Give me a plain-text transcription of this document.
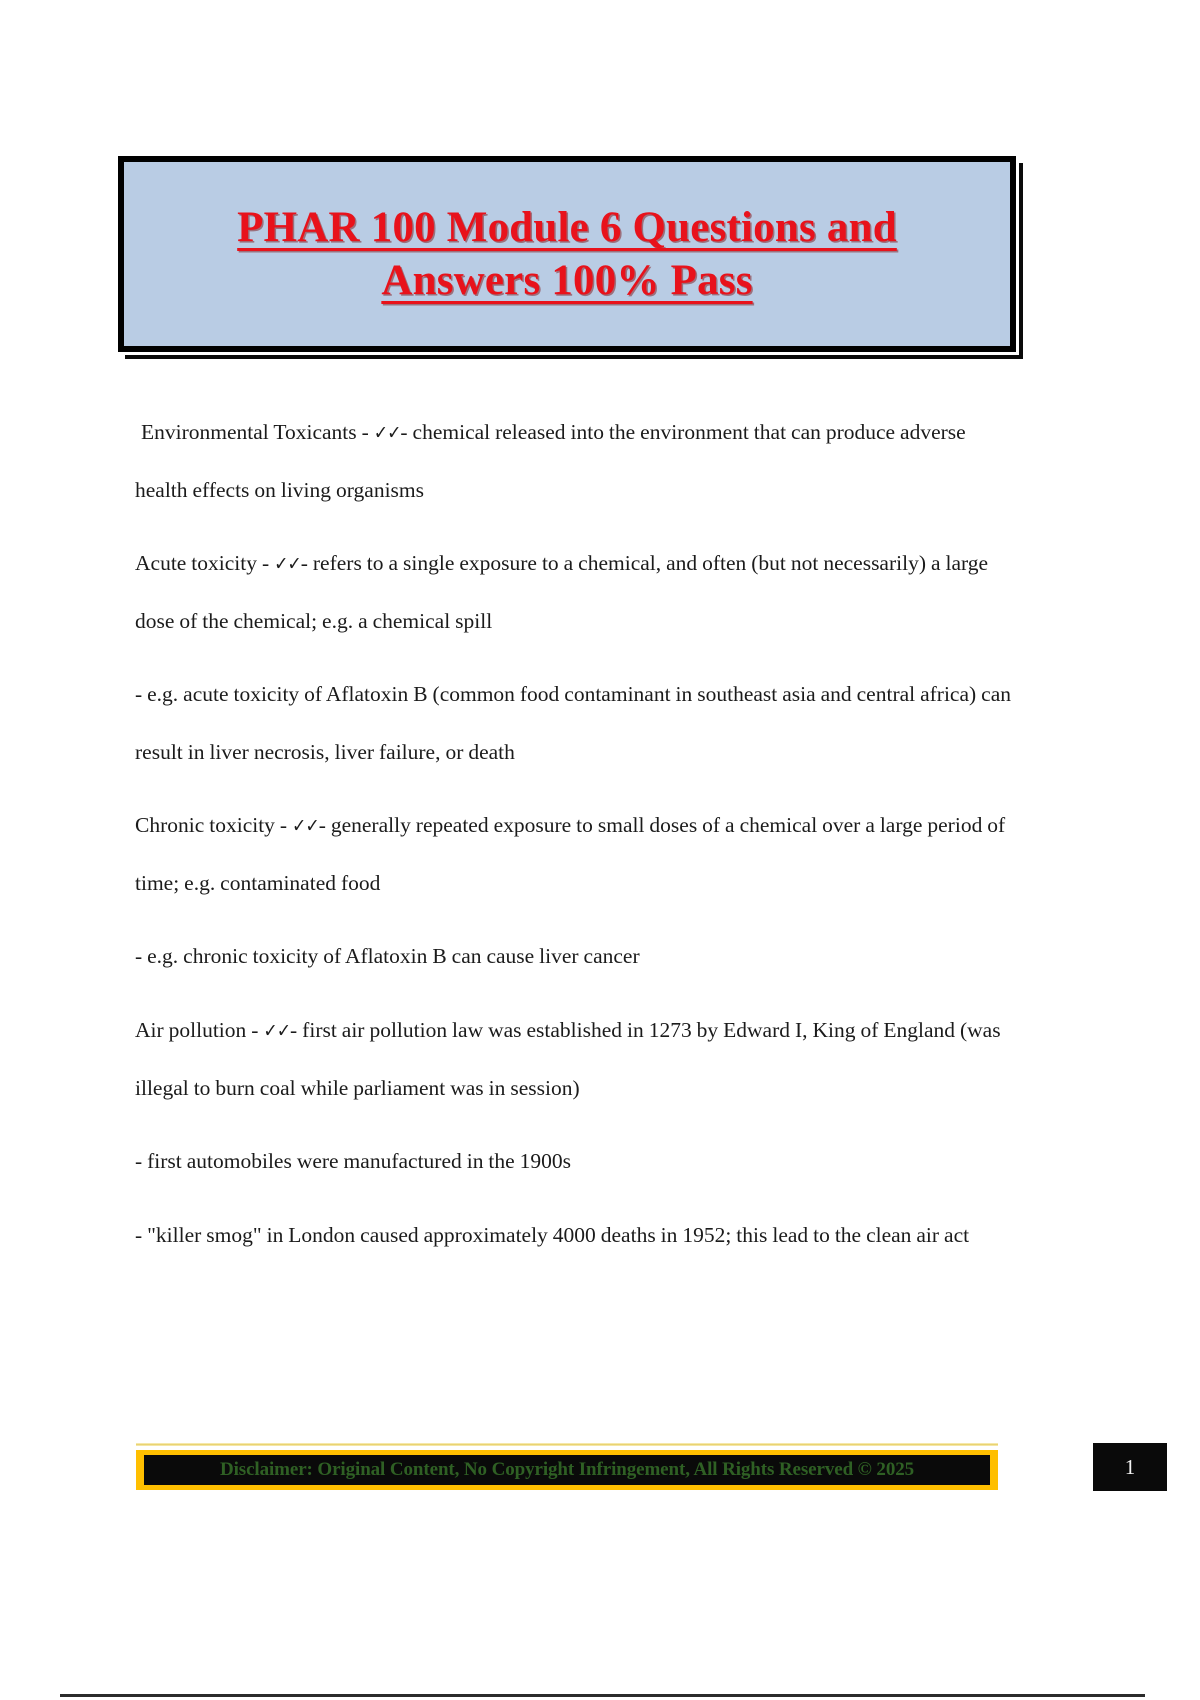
PHAR 100 Module 6 Questions and
Answers 100% Pass

Environmental Toxicants - ✓✓- chemical released into the environment that can produce adverse health effects on living organisms

Acute toxicity - ✓✓- refers to a single exposure to a chemical, and often (but not necessarily) a large dose of the chemical; e.g. a chemical spill

- e.g. acute toxicity of Aflatoxin B (common food contaminant in southeast asia and central africa) can result in liver necrosis, liver failure, or death

Chronic toxicity - ✓✓- generally repeated exposure to small doses of a chemical over a large period of time; e.g. contaminated food

- e.g. chronic toxicity of Aflatoxin B can cause liver cancer

Air pollution - ✓✓- first air pollution law was established in 1273 by Edward I, King of England (was illegal to burn coal while parliament was in session)

- first automobiles were manufactured in the 1900s

- "killer smog" in London caused approximately 4000 deaths in 1952; this lead to the clean air act

Disclaimer: Original Content, No Copyright Infringement, All Rights Reserved © 2025	1
